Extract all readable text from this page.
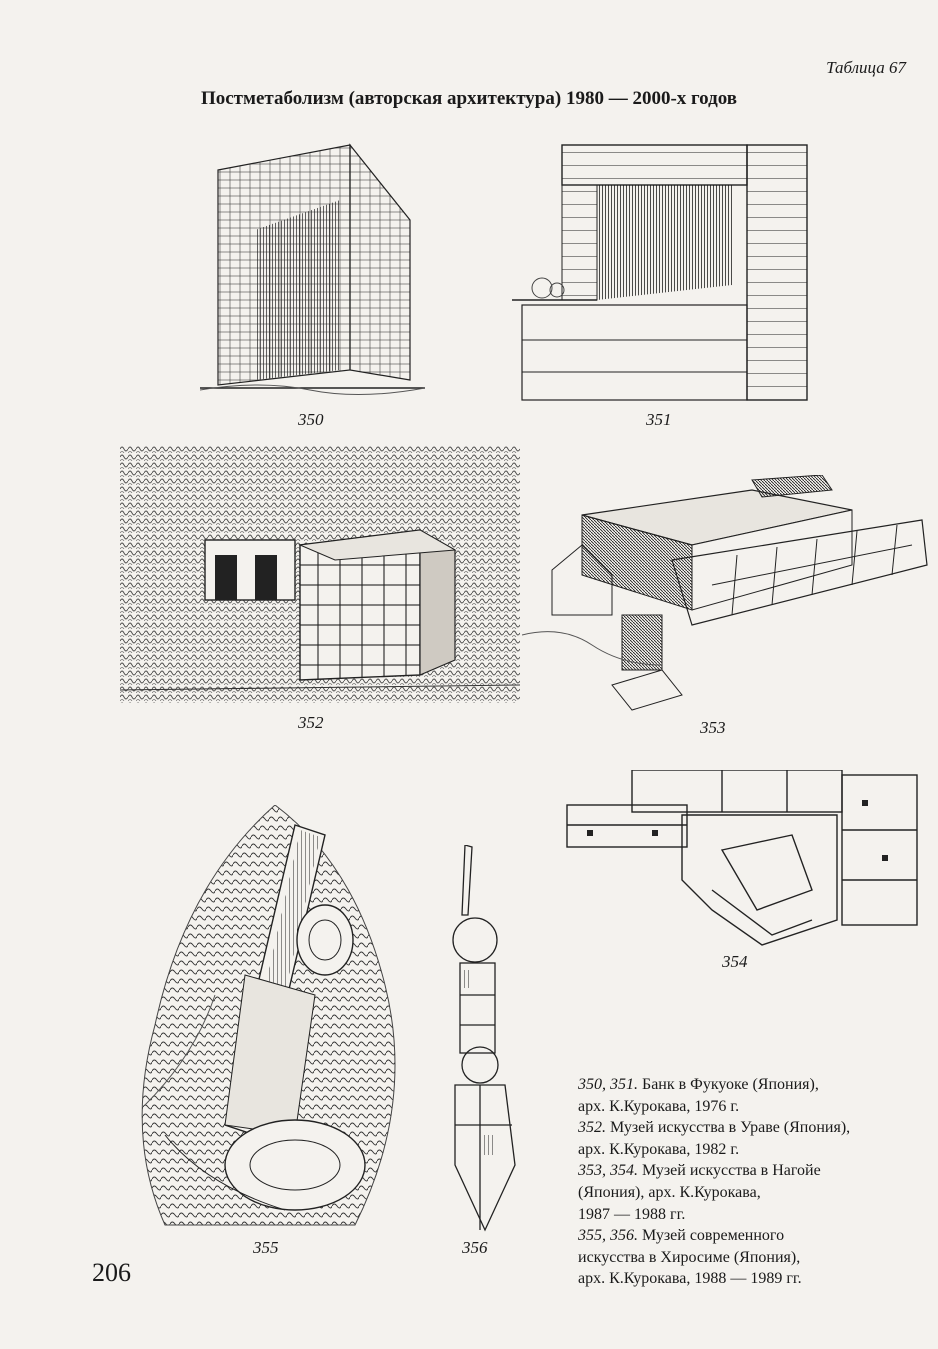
Таблица 67
Постметаболизм (авторская архитектура) 1980 — 2000-х годов
350	351
352	353
354
355	356
350, 351. Банк в Фукуоке (Япония),
арх. К.Курокава, 1976 г.
352. Музей искусства в Ураве (Япония),
арх. К.Курокава, 1982 г.
353, 354. Музей искусства в Нагойе
(Япония), арх. К.Курокава,
1987 — 1988 гг.
355, 356. Музей современного
искусства в Хиросиме (Япония),
арх. К.Курокава, 1988 — 1989 гг.
206
